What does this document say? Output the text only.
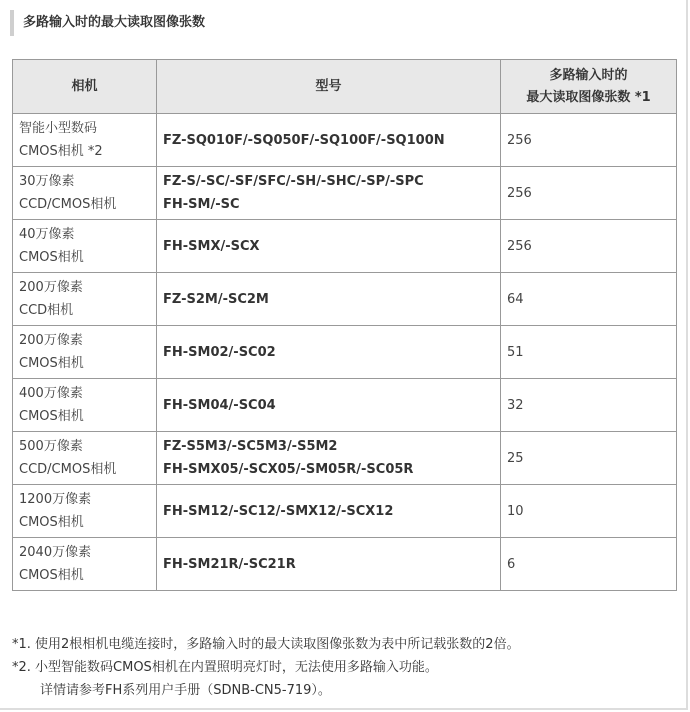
多路输入时的最大读取图像张数
相机	型号	多路输入时的
最大读取图像张数 *1

智能小型数码
CMOS相机 *2	FZ-SQ010F/-SQ050F/-SQ100F/-SQ100N	256

30万像素
CCD/CMOS相机	FZ-S/-SC/-SF/SFC/-SH/-SHC/-SP/-SPC
FH-SM/-SC	256

40万像素
CMOS相机	FH-SMX/-SCX	256

200万像素
CCD相机	FZ-S2M/-SC2M	64

200万像素
CMOS相机	FH-SM02/-SC02	51

400万像素
CMOS相机	FH-SM04/-SC04	32

500万像素
CCD/CMOS相机	FZ-S5M3/-SC5M3/-S5M2
FH-SMX05/-SCX05/-SM05R/-SC05R	25

1200万像素
CMOS相机	FH-SM12/-SC12/-SMX12/-SCX12	10

2040万像素
CMOS相机	FH-SM21R/-SC21R	6
*1. 使用2根相机电缆连接时，多路输入时的最大读取图像张数为表中所记载张数的2倍。
*2. 小型智能数码CMOS相机在内置照明亮灯时，无法使用多路输入功能。
详情请参考FH系列用户手册（SDNB-CN5-719）。
